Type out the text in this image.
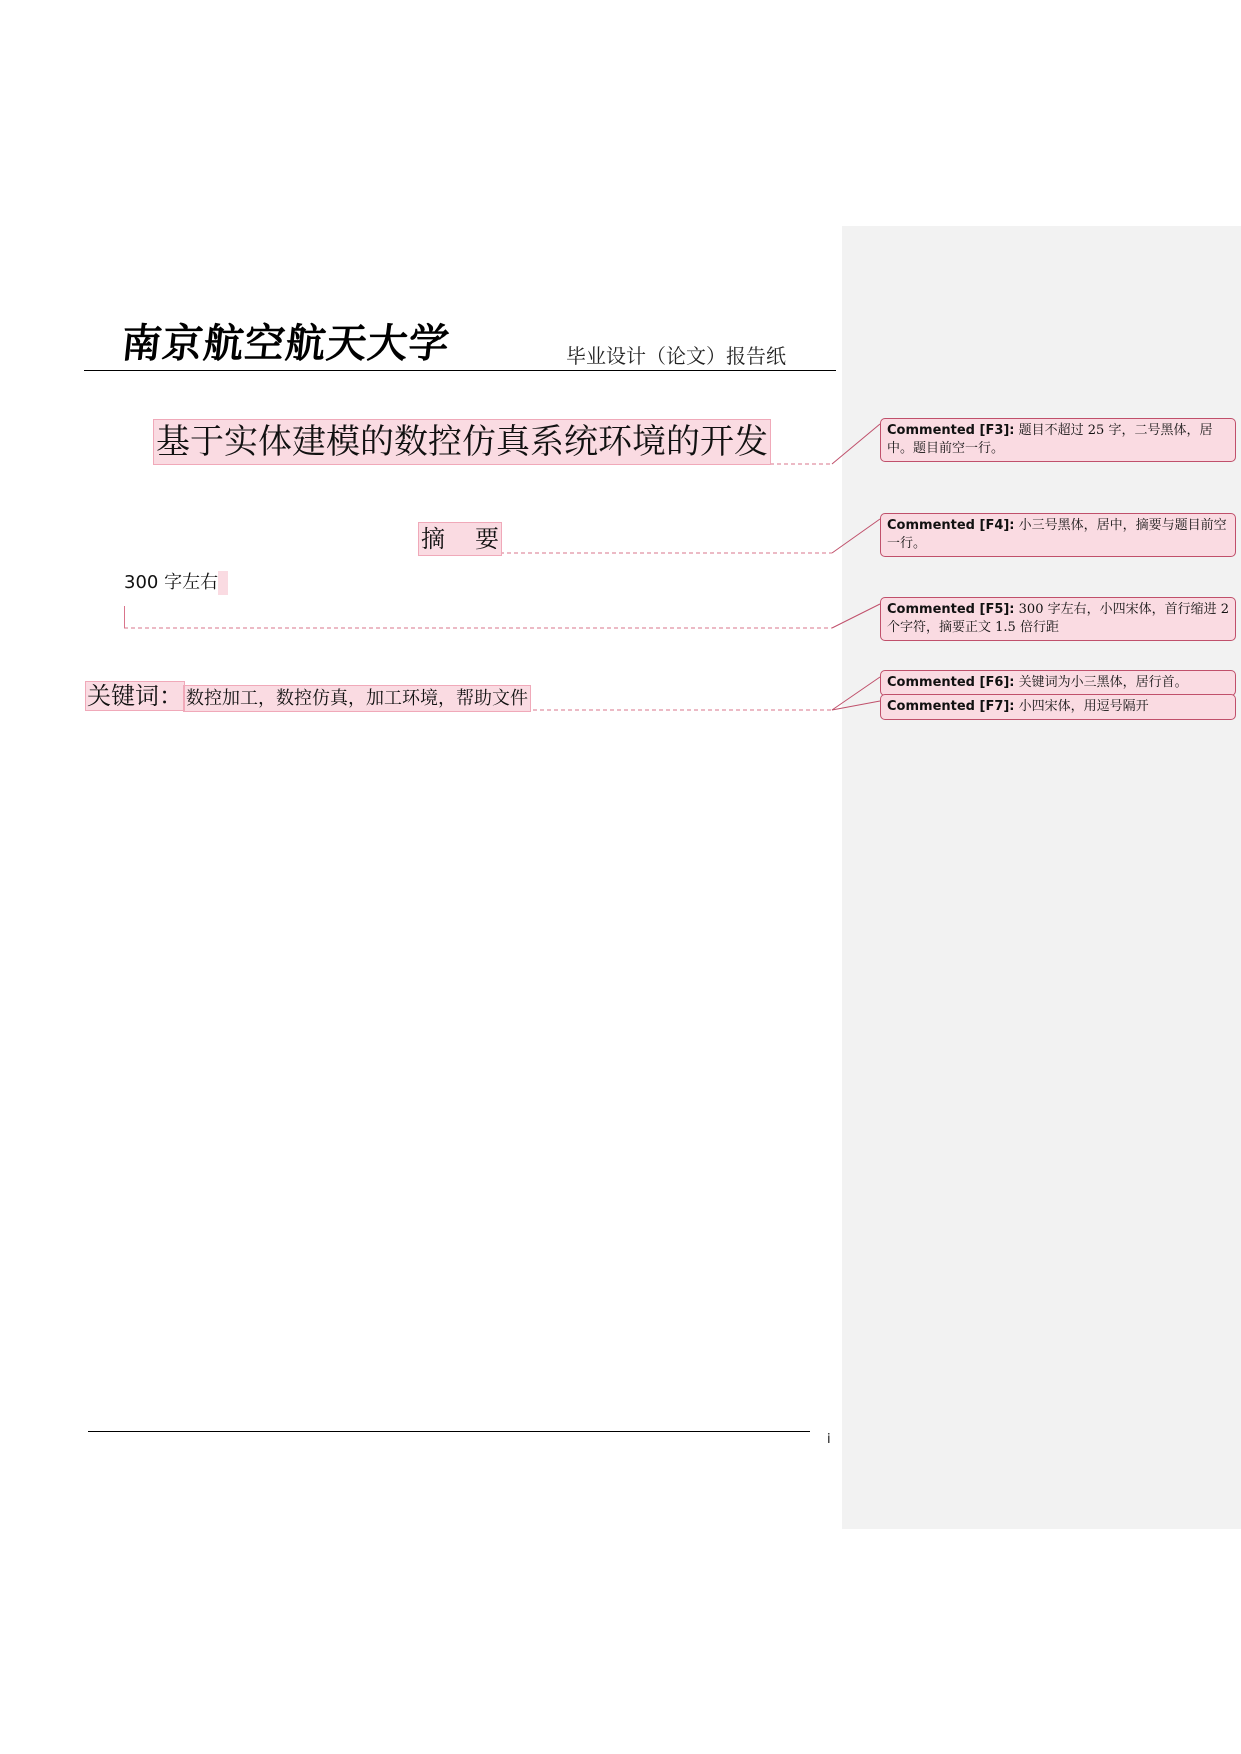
南京航空航天大学	毕业设计（论文）报告纸
基于实体建模的数控仿真系统环境的开发
摘 要
300 字左右
关键词： 数控加工，数控仿真，加工环境，帮助文件
i
Commented [F3]: 题目不超过 25 字，二号黑体，居中。题目前空一行。
Commented [F4]: 小三号黑体，居中，摘要与题目前空一行。
Commented [F5]: 300 字左右，小四宋体，首行缩进 2 个字符，摘要正文 1.5 倍行距
Commented [F6]: 关键词为小三黑体，居行首。
Commented [F7]: 小四宋体，用逗号隔开
